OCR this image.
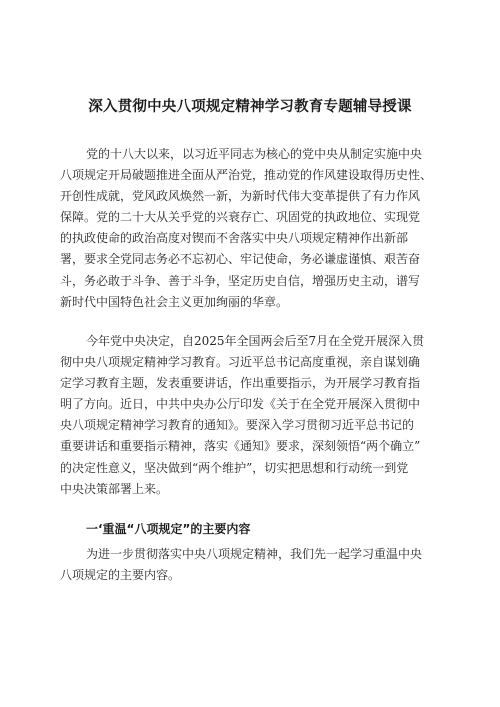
深入贯彻中央八项规定精神学习教育专题辅导授课

党的十八大以来，以习近平同志为核心的党中央从制定实施中央
八项规定开局破题推进全面从严治党，推动党的作风建设取得历史性、
开创性成就，党风政风焕然一新，为新时代伟大变革提供了有力作风
保障。党的二十大从关乎党的兴衰存亡、巩固党的执政地位、实现党
的执政使命的政治高度对锲而不舍落实中央八项规定精神作出新部
署，要求全党同志务必不忘初心、牢记使命，务必谦虚谨慎、艰苦奋
斗，务必敢于斗争、善于斗争，坚定历史自信，增强历史主动，谱写
新时代中国特色社会主义更加绚丽的华章。

今年党中央决定，自2025年全国两会后至7月在全党开展深入贯
彻中央八项规定精神学习教育。习近平总书记高度重视，亲自谋划确
定学习教育主题，发表重要讲话，作出重要指示，为开展学习教育指
明了方向。近日，中共中央办公厅印发《关于在全党开展深入贯彻中
央八项规定精神学习教育的通知》。要深入学习贯彻习近平总书记的
重要讲话和重要指示精神，落实《通知》要求，深刻领悟“两个确立”
的决定性意义，坚决做到“两个维护”，切实把思想和行动统一到党
中央决策部署上来。

一‘重温“八项规定”的主要内容

为进一步贯彻落实中央八项规定精神，我们先一起学习重温中央
八项规定的主要内容。
